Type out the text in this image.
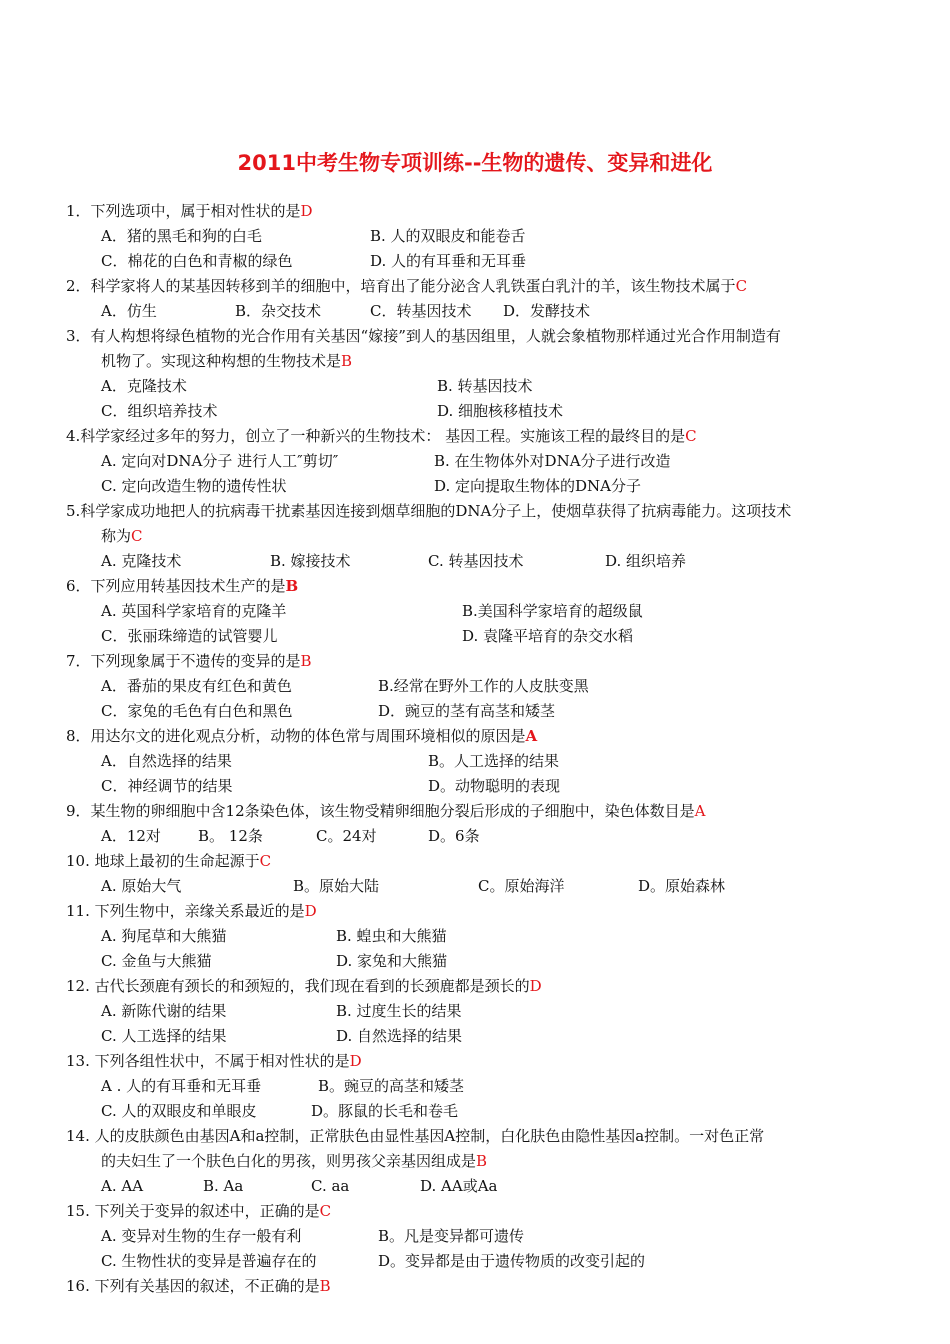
2011中考生物专项训练--生物的遗传、变异和进化
1．下列选项中，属于相对性状的是D
A．猪的黑毛和狗的白毛	B. 人的双眼皮和能卷舌
C．棉花的白色和青椒的绿色	D. 人的有耳垂和无耳垂
2．科学家将人的某基因转移到羊的细胞中，培育出了能分泌含人乳铁蛋白乳汁的羊，该生物技术属于C
A．仿生	B．杂交技术	C．转基因技术 D．发酵技术
3．有人构想将绿色植物的光合作用有关基因“嫁接”到人的基因组里，人就会象植物那样通过光合作用制造有
机物了。实现这种构想的生物技术是B
A．克隆技术	B. 转基因技术
C．组织培养技术	D. 细胞核移植技术
4.科学家经过多年的努力，创立了一种新兴的生物技术： 基因工程。实施该工程的最终目的是C
A. 定向对DNA分子 进行人工″剪切″	B. 在生物体外对DNA分子进行改造
C. 定向改造生物的遗传性状	D. 定向提取生物体的DNA分子
5.科学家成功地把人的抗病毒干扰素基因连接到烟草细胞的DNA分子上，使烟草获得了抗病毒能力。这项技术
称为C
A. 克隆技术	B. 嫁接技术	C. 转基因技术	D. 组织培养
6．下列应用转基因技术生产的是B
A. 英国科学家培育的克隆羊	B.美国科学家培育的超级鼠
C．张丽珠缔造的试管婴儿	D. 袁隆平培育的杂交水稻
7．下列现象属于不遗传的变异的是B
A．番茄的果皮有红色和黄色	B.经常在野外工作的人皮肤变黑
C．家兔的毛色有白色和黑色	D．豌豆的茎有高茎和矮茎
8．用达尔文的进化观点分析，动物的体色常与周围环境相似的原因是A
A．自然选择的结果	B。人工选择的结果
C．神经调节的结果	D。动物聪明的表现
9．某生物的卵细胞中含12条染色体，该生物受精卵细胞分裂后形成的子细胞中，染色体数目是A
A．12对 B。 12条	C。24对	D。6条
10. 地球上最初的生命起源于C
A. 原始大气	B。原始大陆	C。原始海洋	D。原始森林
11. 下列生物中，亲缘关系最近的是D
A. 狗尾草和大熊猫	B. 蝗虫和大熊猫
C. 金鱼与大熊猫	D. 家兔和大熊猫
12. 古代长颈鹿有颈长的和颈短的，我们现在看到的长颈鹿都是颈长的D
A. 新陈代谢的结果	B. 过度生长的结果
C. 人工选择的结果	D. 自然选择的结果
13. 下列各组性状中，不属于相对性状的是D
A . 人的有耳垂和无耳垂	B。豌豆的高茎和矮茎
C. 人的双眼皮和单眼皮	D。豚鼠的长毛和卷毛
14. 人的皮肤颜色由基因A和a控制，正常肤色由显性基因A控制，白化肤色由隐性基因a控制。一对色正常
的夫妇生了一个肤色白化的男孩，则男孩父亲基因组成是B
A. AA	B. Aa	C. aa	D. AA或Aa
15. 下列关于变异的叙述中，正确的是C
A. 变异对生物的生存一般有利	B。凡是变异都可遗传
C. 生物性状的变异是普遍存在的	D。变异都是由于遗传物质的改变引起的
16. 下列有关基因的叙述，不正确的是B
